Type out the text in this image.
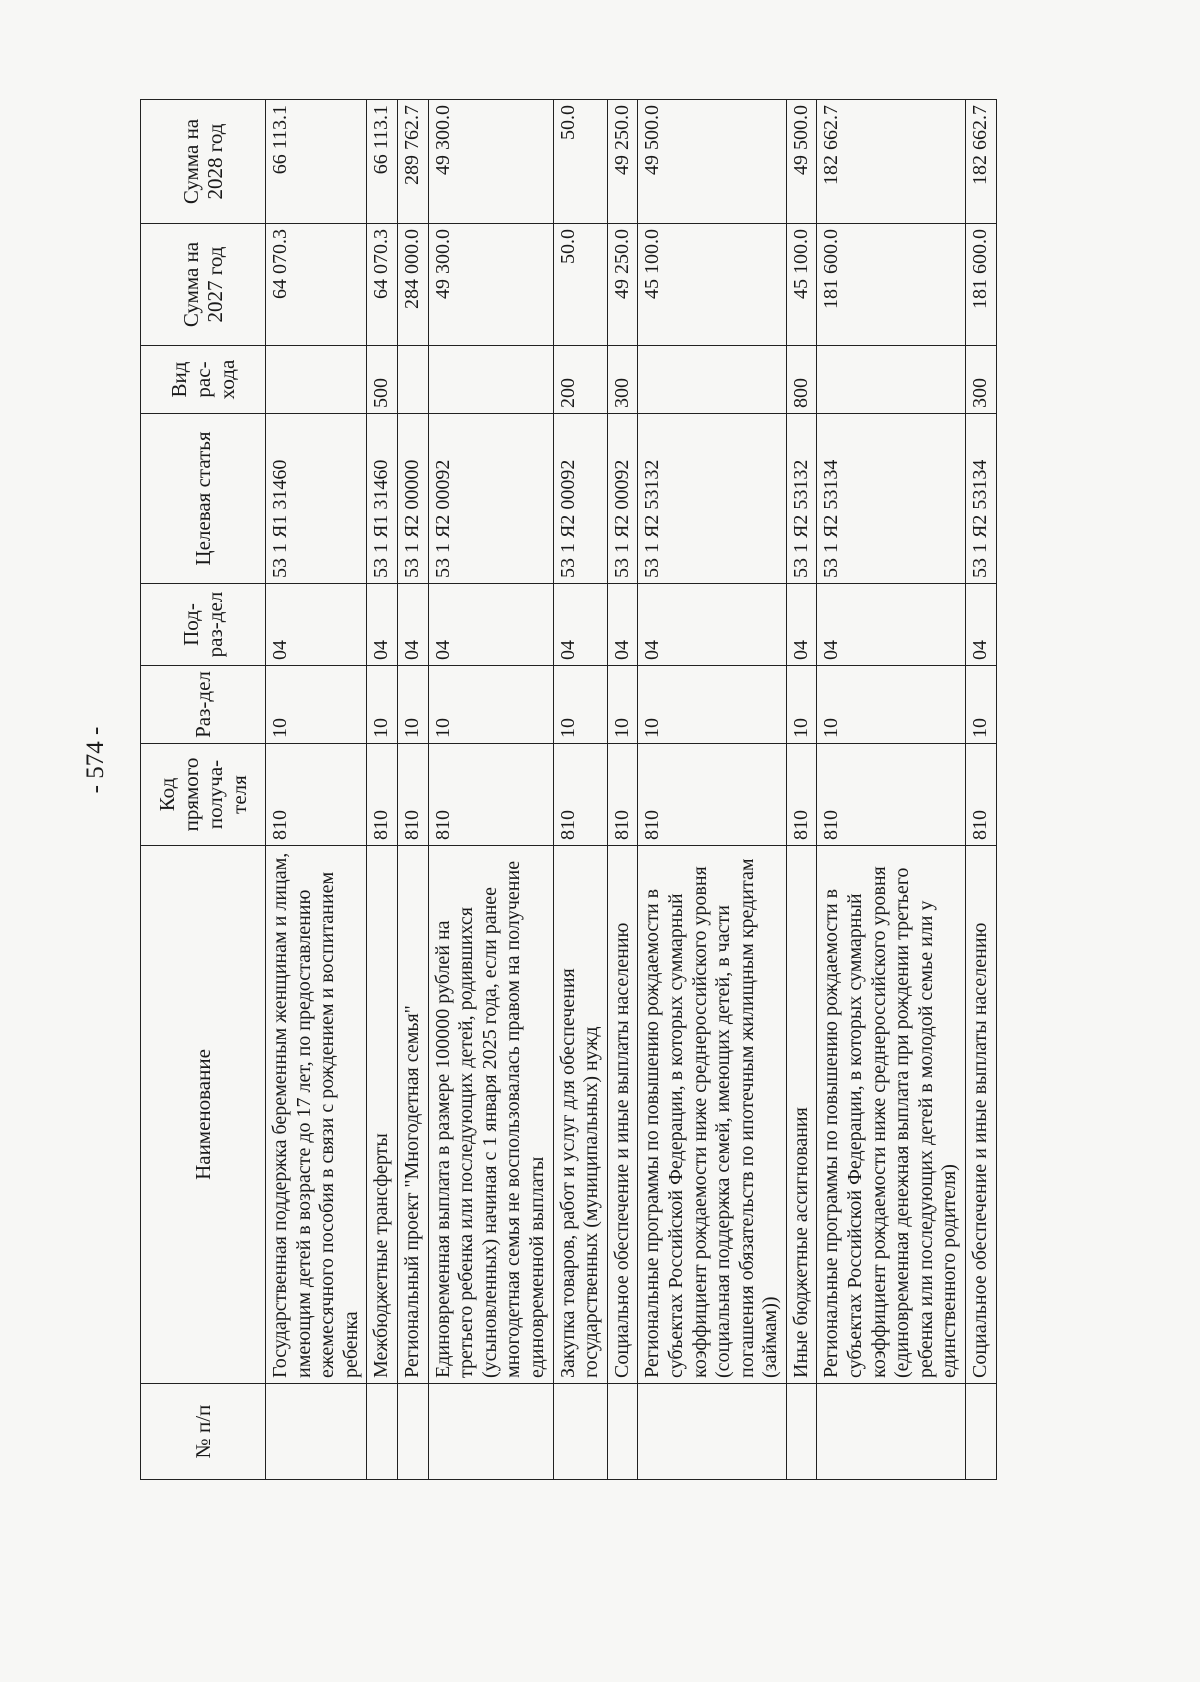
- 574 -
№ п/п	Наименование	Код прямого получа-теля	Раз-дел	Под-раз-дел	Целевая статья	Вид рас-хода	Сумма на 2027 год	Сумма на 2028 год
	Государственная поддержка беременным женщинам и лицам, имеющим детей в возрасте до 17 лет, по предоставлению ежемесячного пособия в связи с рождением и воспитанием ребенка	810	10	04	53 1 Я1 31460		64 070.3	66 113.1
	Межбюджетные трансферты	810	10	04	53 1 Я1 31460	500	64 070.3	66 113.1
	Региональный проект "Многодетная семья"	810	10	04	53 1 Я2 00000		284 000.0	289 762.7
	Единовременная выплата в размере 100000 рублей на третьего ребенка или последующих детей, родившихся (усыновленных) начиная с 1 января 2025 года, если ранее многодетная семья не воспользовалась правом на получение единовременной выплаты	810	10	04	53 1 Я2 00092		49 300.0	49 300.0
	Закупка товаров, работ и услуг для обеспечения государственных (муниципальных) нужд	810	10	04	53 1 Я2 00092	200	50.0	50.0
	Социальное обеспечение и иные выплаты населению	810	10	04	53 1 Я2 00092	300	49 250.0	49 250.0
	Региональные программы по повышению рождаемости в субъектах Российской Федерации, в которых суммарный коэффициент рождаемости ниже среднероссийского уровня (социальная поддержка семей, имеющих детей, в части погашения обязательств по ипотечным жилищным кредитам (займам))	810	10	04	53 1 Я2 53132		45 100.0	49 500.0
	Иные бюджетные ассигнования	810	10	04	53 1 Я2 53132	800	45 100.0	49 500.0
	Региональные программы по повышению рождаемости в субъектах Российской Федерации, в которых суммарный коэффициент рождаемости ниже среднероссийского уровня (единовременная денежная выплата при рождении третьего ребенка или последующих детей в молодой семье или у единственного родителя)	810	10	04	53 1 Я2 53134		181 600.0	182 662.7
	Социальное обеспечение и иные выплаты населению	810	10	04	53 1 Я2 53134	300	181 600.0	182 662.7
